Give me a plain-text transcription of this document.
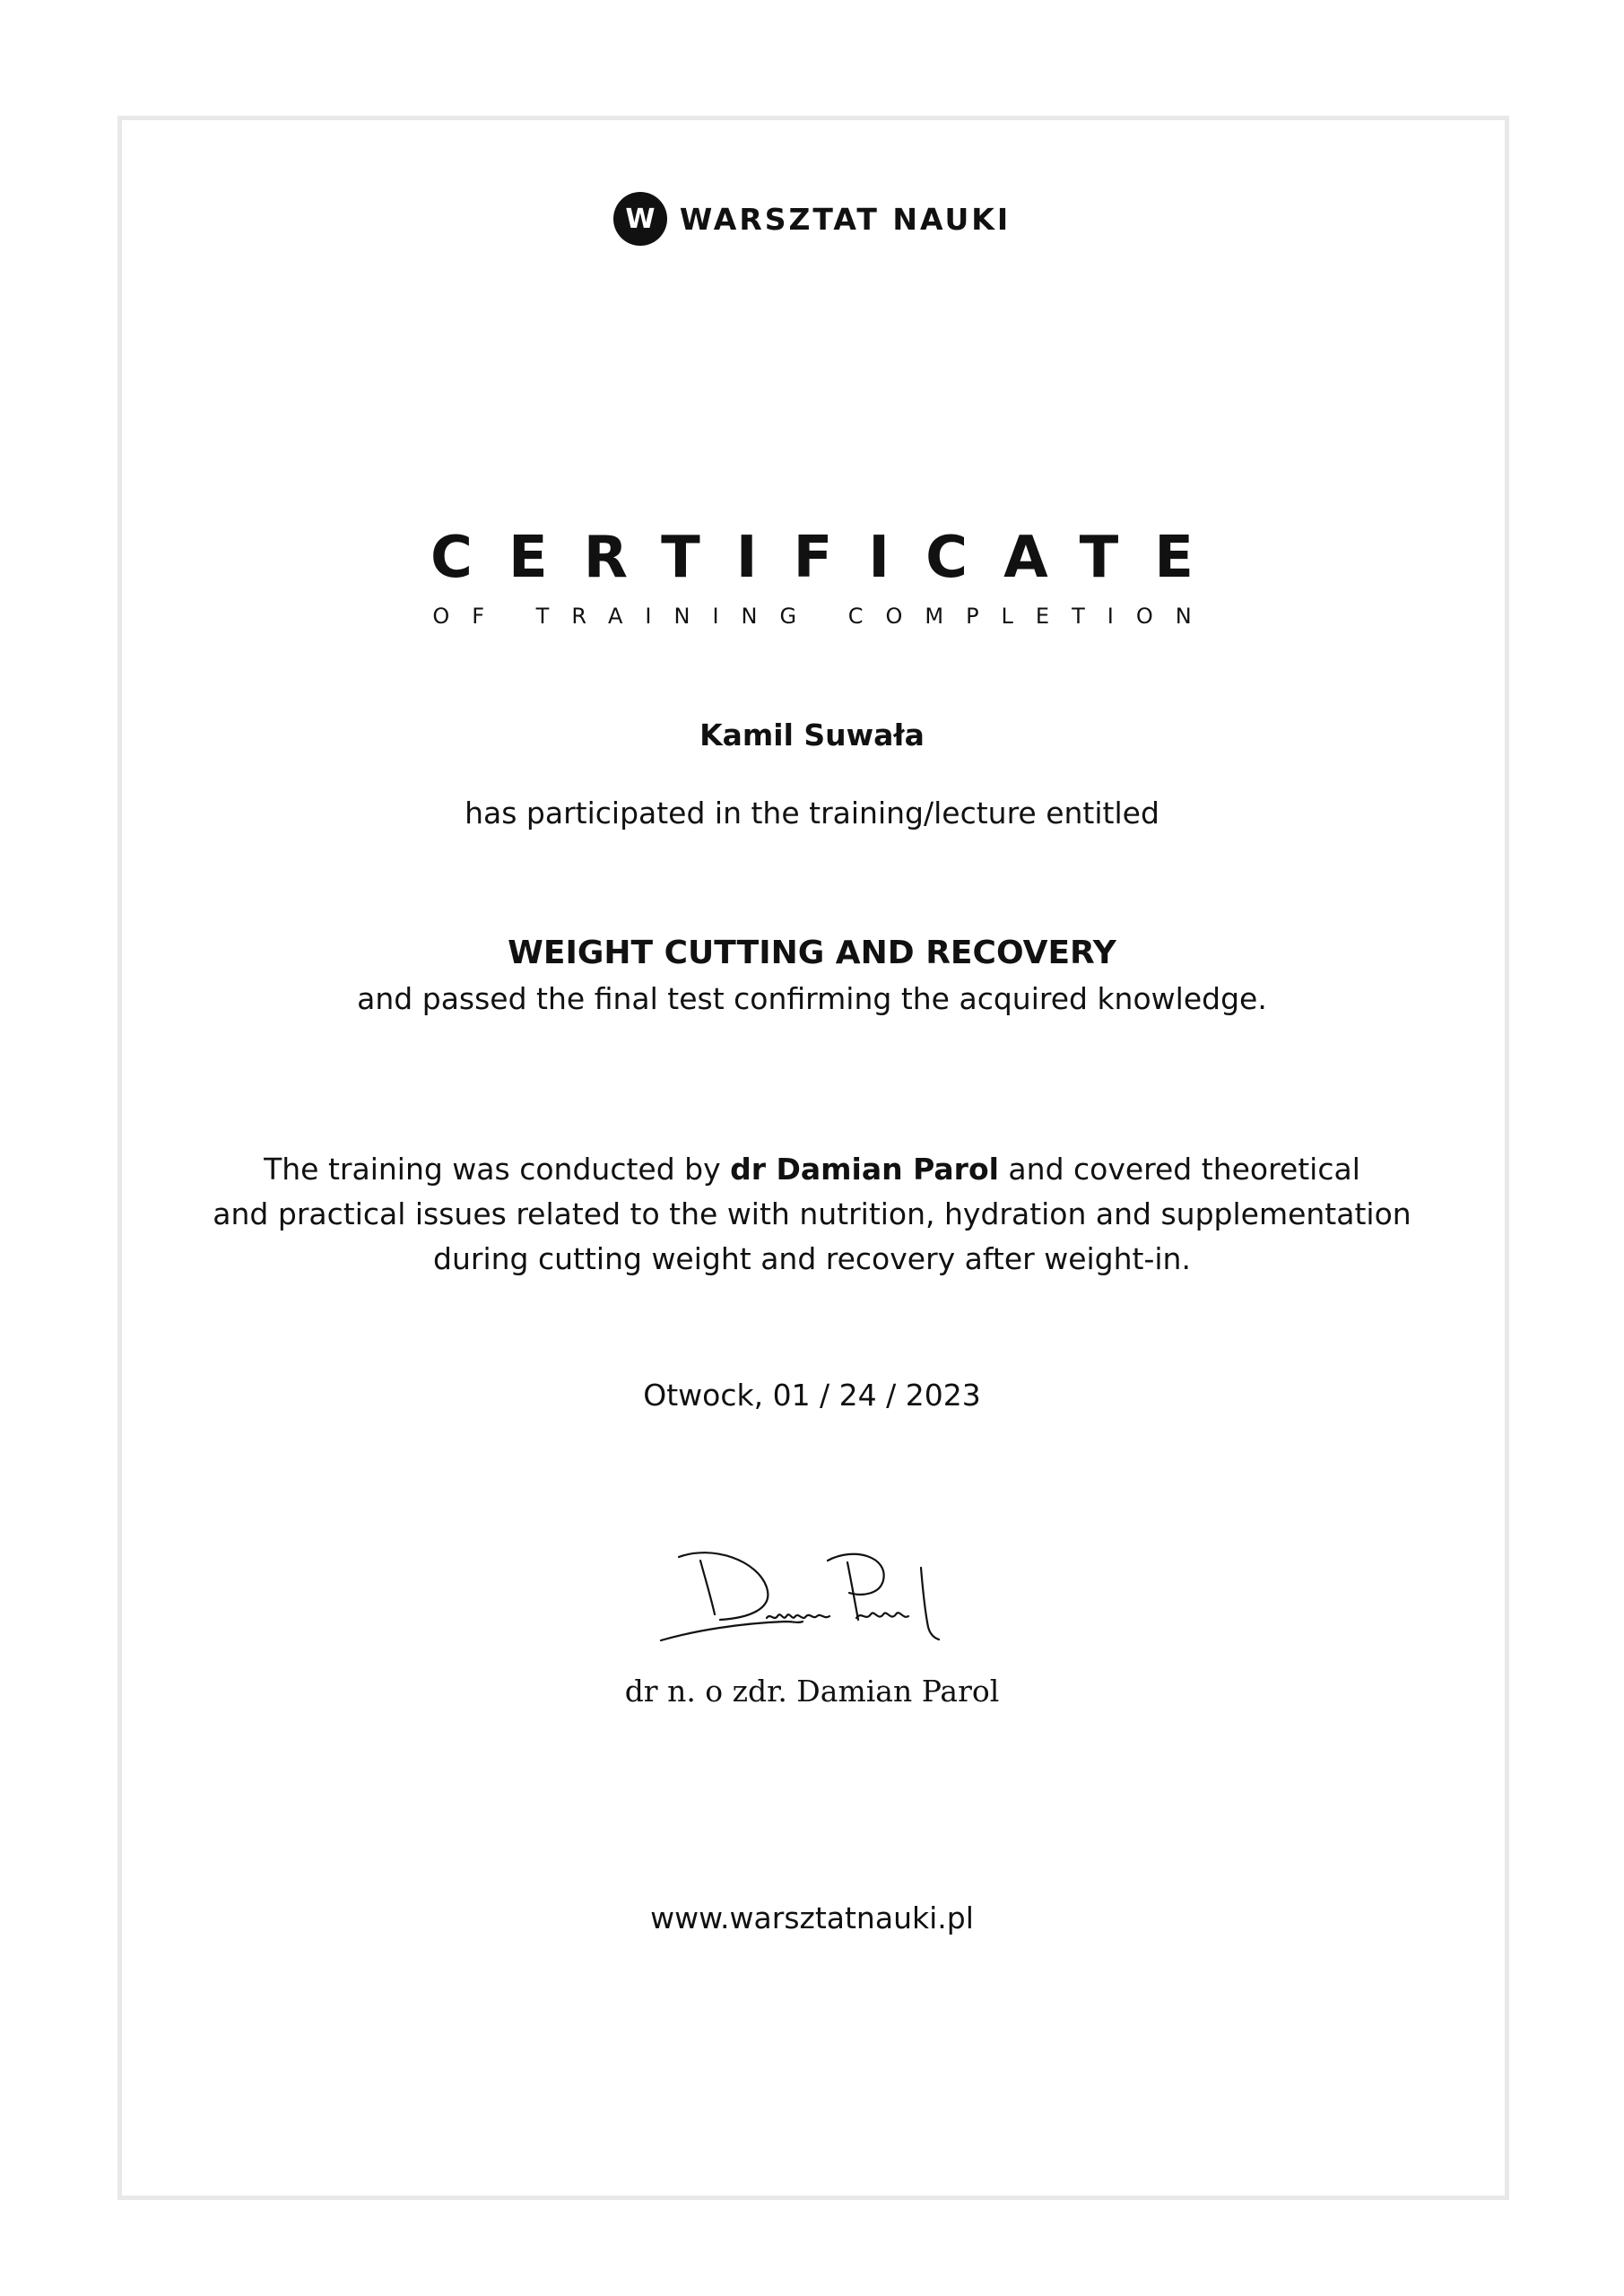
W WARSZTAT NAUKI
CERTIFICATE
OF TRAINING COMPLETION
Kamil Suwała
has participated in the training/lecture entitled
WEIGHT CUTTING AND RECOVERY
and passed the final test confirming the acquired knowledge.
The training was conducted by dr Damian Parol and covered theoretical
and practical issues related to the with nutrition, hydration and supplementation
during cutting weight and recovery after weight-in.
Otwock, 01 / 24 / 2023
dr n. o zdr. Damian Parol
www.warsztatnauki.pl
